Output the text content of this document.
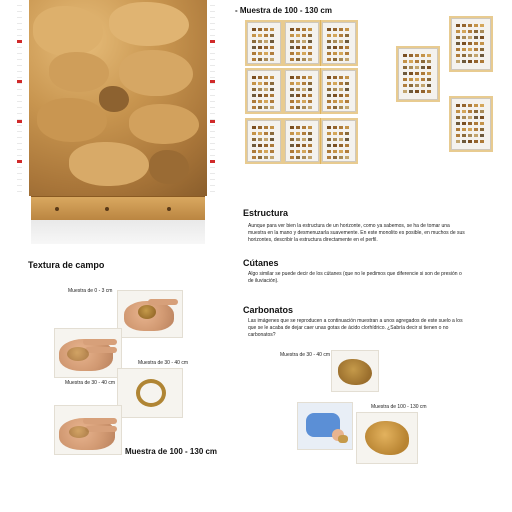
- Muestra de 100 - 130 cm
Estructura
Aunque para ver bien la estructura de un horizonte, como ya sabemos, se ha de tomar una muestra en la mano y desmenuzarla suavemente. En este monolito es posible, en muchos de sus horizontes, describir la estructura directamente en el perfil.
Textura de campo
Muestra de 0 - 3 cm
Muestra de 30 - 40 cm
Muestra de 30 - 40 cm
Muestra de 100 - 130 cm
Cútanes
Algo similar se puede decir de los cútanes (que no le pedimos que diferencie si son de presión o de iluviación).
Carbonatos
Las imágenes que se reproducen a continuación muestran a unos agregados de este suelo a los que se le acaba de dejar caer unas gotas de ácido clorhídrico. ¿Sabría decir si tienen o no carbonatos?
Muestra de 30 - 40 cm
Muestra de 100 - 130 cm
